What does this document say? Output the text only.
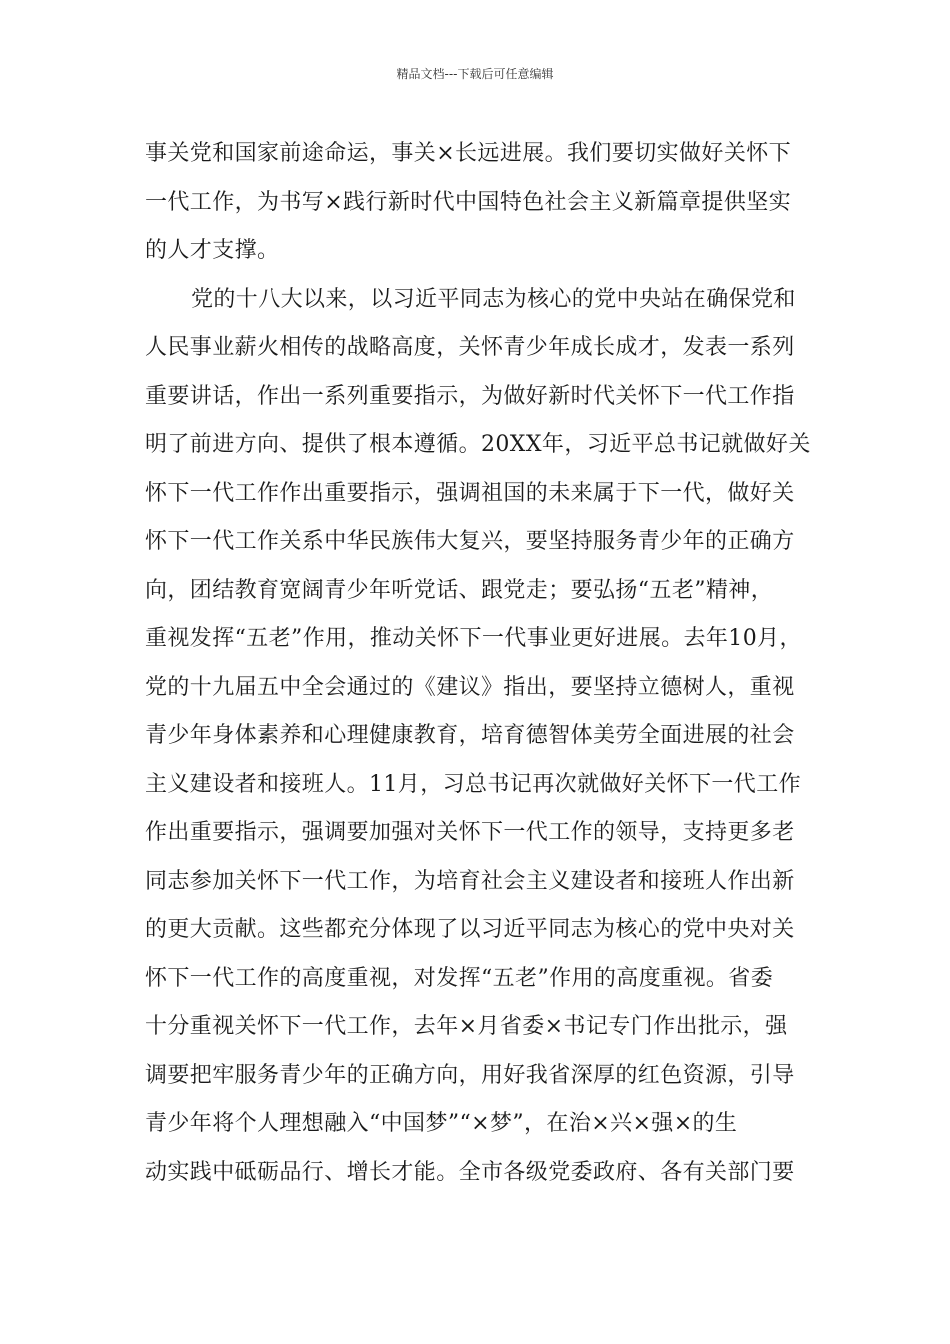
精品文档---下载后可任意编辑
事关党和国家前途命运，事关×长远进展。我们要切实做好关怀下
一代工作，为书写×践行新时代中国特色社会主义新篇章提供坚实
的人才支撑。
党的十八大以来，以习近平同志为核心的党中央站在确保党和
人民事业薪火相传的战略高度，关怀青少年成长成才，发表一系列
重要讲话，作出一系列重要指示，为做好新时代关怀下一代工作指
明了前进方向、提供了根本遵循。20XX年，习近平总书记就做好关
怀下一代工作作出重要指示，强调祖国的未来属于下一代，做好关
怀下一代工作关系中华民族伟大复兴，要坚持服务青少年的正确方
向，团结教育宽阔青少年听党话、跟党走；要弘扬“五老”精神，
重视发挥“五老”作用，推动关怀下一代事业更好进展。去年10月，
党的十九届五中全会通过的《建议》指出，要坚持立德树人，重视
青少年身体素养和心理健康教育，培育德智体美劳全面进展的社会
主义建设者和接班人。11月，习总书记再次就做好关怀下一代工作
作出重要指示，强调要加强对关怀下一代工作的领导，支持更多老
同志参加关怀下一代工作，为培育社会主义建设者和接班人作出新
的更大贡献。这些都充分体现了以习近平同志为核心的党中央对关
怀下一代工作的高度重视，对发挥“五老”作用的高度重视。省委
十分重视关怀下一代工作，去年×月省委×书记专门作出批示，强
调要把牢服务青少年的正确方向，用好我省深厚的红色资源，引导
青少年将个人理想融入“中国梦”“×梦”，在治×兴×强×的生
动实践中砥砺品行、增长才能。全市各级党委政府、各有关部门要
